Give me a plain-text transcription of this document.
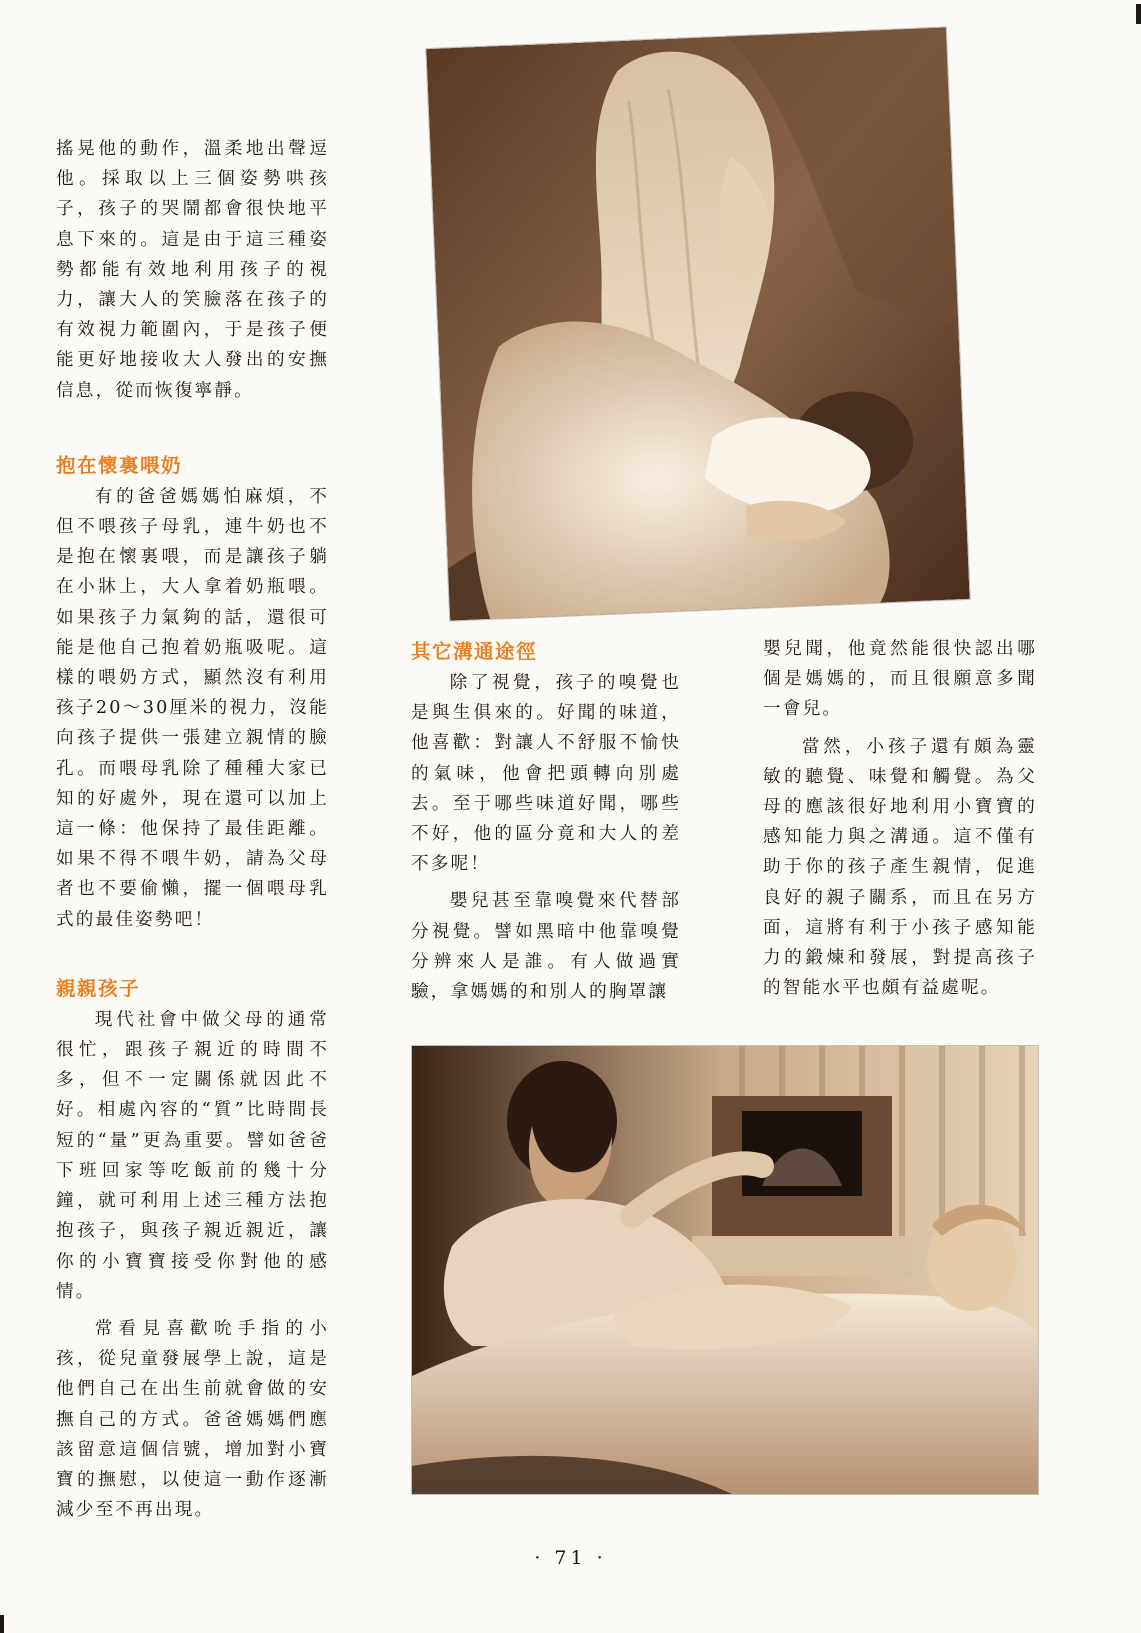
搖晃他的動作，溫柔地出聲逗他。採取以上三個姿勢哄孩子，孩子的哭鬧都會很快地平息下來的。這是由于這三種姿勢都能有效地利用孩子的視力，讓大人的笑臉落在孩子的有效視力範圍內，于是孩子便能更好地接收大人發出的安撫信息，從而恢復寧靜。

抱在懷裏喂奶

有的爸爸媽媽怕麻煩，不但不喂孩子母乳，連牛奶也不是抱在懷裏喂，而是讓孩子躺在小牀上，大人拿着奶瓶喂。如果孩子力氣夠的話，還很可能是他自己抱着奶瓶吸呢。這樣的喂奶方式，顯然沒有利用孩子20～30厘米的視力，沒能向孩子提供一張建立親情的臉孔。而喂母乳除了種種大家已知的好處外，現在還可以加上這一條：他保持了最佳距離。如果不得不喂牛奶，請為父母者也不要偷懶，擺一個喂母乳式的最佳姿勢吧！

親親孩子

現代社會中做父母的通常很忙，跟孩子親近的時間不多，但不一定關係就因此不好。相處內容的“質”比時間長短的“量”更為重要。譬如爸爸下班回家等吃飯前的幾十分鐘，就可利用上述三種方法抱抱孩子，與孩子親近親近，讓你的小寶寶接受你對他的感情。

常看見喜歡吮手指的小孩，從兒童發展學上說，這是他們自己在出生前就會做的安撫自己的方式。爸爸媽媽們應該留意這個信號，增加對小寶寶的撫慰，以使這一動作逐漸減少至不再出現。

其它溝通途徑

除了視覺，孩子的嗅覺也是與生俱來的。好聞的味道，他喜歡：對讓人不舒服不愉快的氣味，他會把頭轉向別處去。至于哪些味道好聞，哪些不好，他的區分竟和大人的差不多呢！

嬰兒甚至靠嗅覺來代替部分視覺。譬如黑暗中他靠嗅覺分辨來人是誰。有人做過實驗，拿媽媽的和別人的胸罩讓

嬰兒聞，他竟然能很快認出哪個是媽媽的，而且很願意多聞一會兒。

當然，小孩子還有頗為靈敏的聽覺、味覺和觸覺。為父母的應該很好地利用小寶寶的感知能力與之溝通。這不僅有助于你的孩子產生親情，促進良好的親子關系，而且在另方面，這將有利于小孩子感知能力的鍛煉和發展，對提高孩子的智能水平也頗有益處呢。

· 71 ·
